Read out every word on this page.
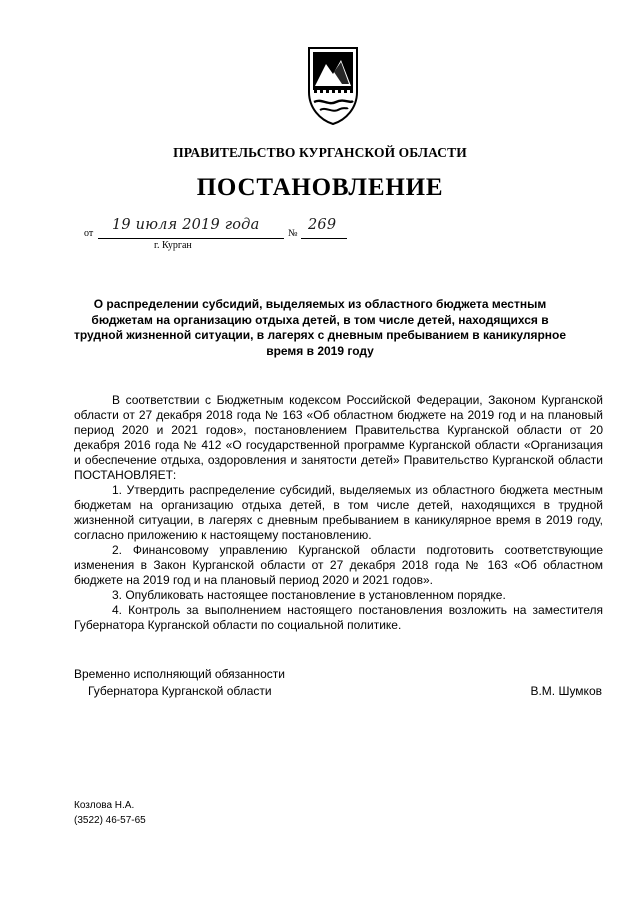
ПРАВИТЕЛЬСТВО КУРГАНСКОЙ ОБЛАСТИ
ПОСТАНОВЛЕНИЕ
от
19 июля 2019 года
№
269
г. Курган
О распределении субсидий, выделяемых из областного бюджета местным бюджетам на организацию отдыха детей, в том числе детей, находящихся в трудной жизненной ситуации, в лагерях с дневным пребыванием в каникулярное время в 2019 году

В соответствии с Бюджетным кодексом Российской Федерации, Законом Курганской области от 27 декабря 2018 года № 163 «Об областном бюджете на 2019 год и на плановый период 2020 и 2021 годов», постановлением Правительства Курганской области от 20 декабря 2016 года № 412 «О государственной программе Курганской области «Организация и обеспечение отдыха, оздоровления и занятости детей» Правительство Курганской области ПОСТАНОВЛЯЕТ:

1. Утвердить распределение субсидий, выделяемых из областного бюджета местным бюджетам на организацию отдыха детей, в том числе детей, находящихся в трудной жизненной ситуации, в лагерях с дневным пребыванием в каникулярное время в 2019 году, согласно приложению к настоящему постановлению.

2. Финансовому управлению Курганской области подготовить соответствующие изменения в Закон Курганской области от 27 декабря 2018 года № 163 «Об областном бюджете на 2019 год и на плановый период 2020 и 2021 годов».

3. Опубликовать настоящее постановление в установленном порядке.

4. Контроль за выполнением настоящего постановления возложить на заместителя Губернатора Курганской области по социальной политике.

Временно исполняющий обязанности
Губернатора Курганской области	В.М. Шумков
Козлова Н.А.
(3522) 46-57-65
